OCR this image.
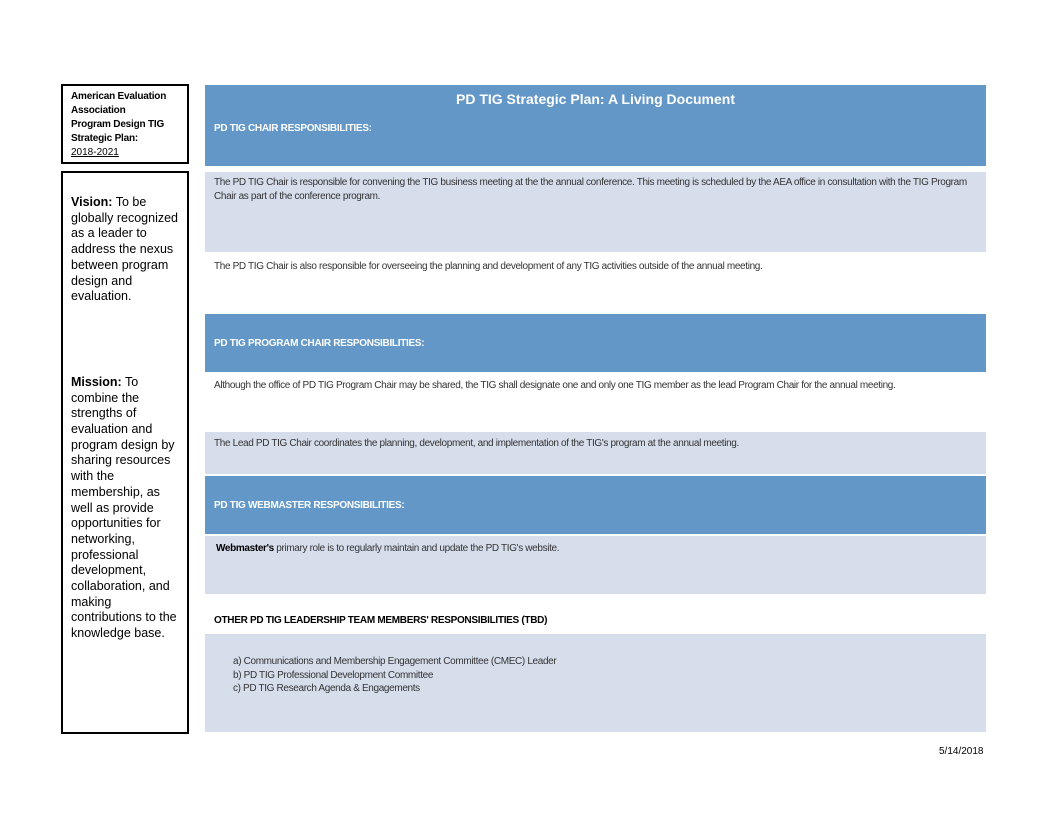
American Evaluation
Association
Program Design TIG
Strategic Plan:
2018-2021
Vision: To be globally recognized as a leader to address the nexus between program design and evaluation.
Mission: To combine the strengths of evaluation and program design by sharing resources with the membership, as well as provide opportunities for networking, professional development, collaboration, and making contributions to the knowledge base.
PD TIG Strategic Plan: A Living Document
PD TIG CHAIR RESPONSIBILITIES:
The PD TIG Chair is responsible for convening the TIG business meeting at the the annual conference. This meeting is scheduled by the AEA office in consultation with the TIG Program Chair as part of the conference program.
The PD TIG Chair is also responsible for overseeing the planning and development of any TIG activities outside of the annual meeting.
PD TIG PROGRAM CHAIR RESPONSIBILITIES:
Although the office of PD TIG Program Chair may be shared, the TIG shall designate one and only one TIG member as the lead Program Chair for the annual meeting.
The Lead PD TIG Chair coordinates the planning, development, and implementation of the TIG's program at the annual meeting.
PD TIG WEBMASTER RESPONSIBILITIES:
Webmaster's primary role is to regularly maintain and update the PD TIG's website.
OTHER PD TIG LEADERSHIP TEAM MEMBERS' RESPONSIBILITIES (TBD)
a) Communications and Membership Engagement Committee (CMEC) Leader
b) PD TIG Professional Development Committee
c) PD TIG Research Agenda & Engagements
5/14/2018
